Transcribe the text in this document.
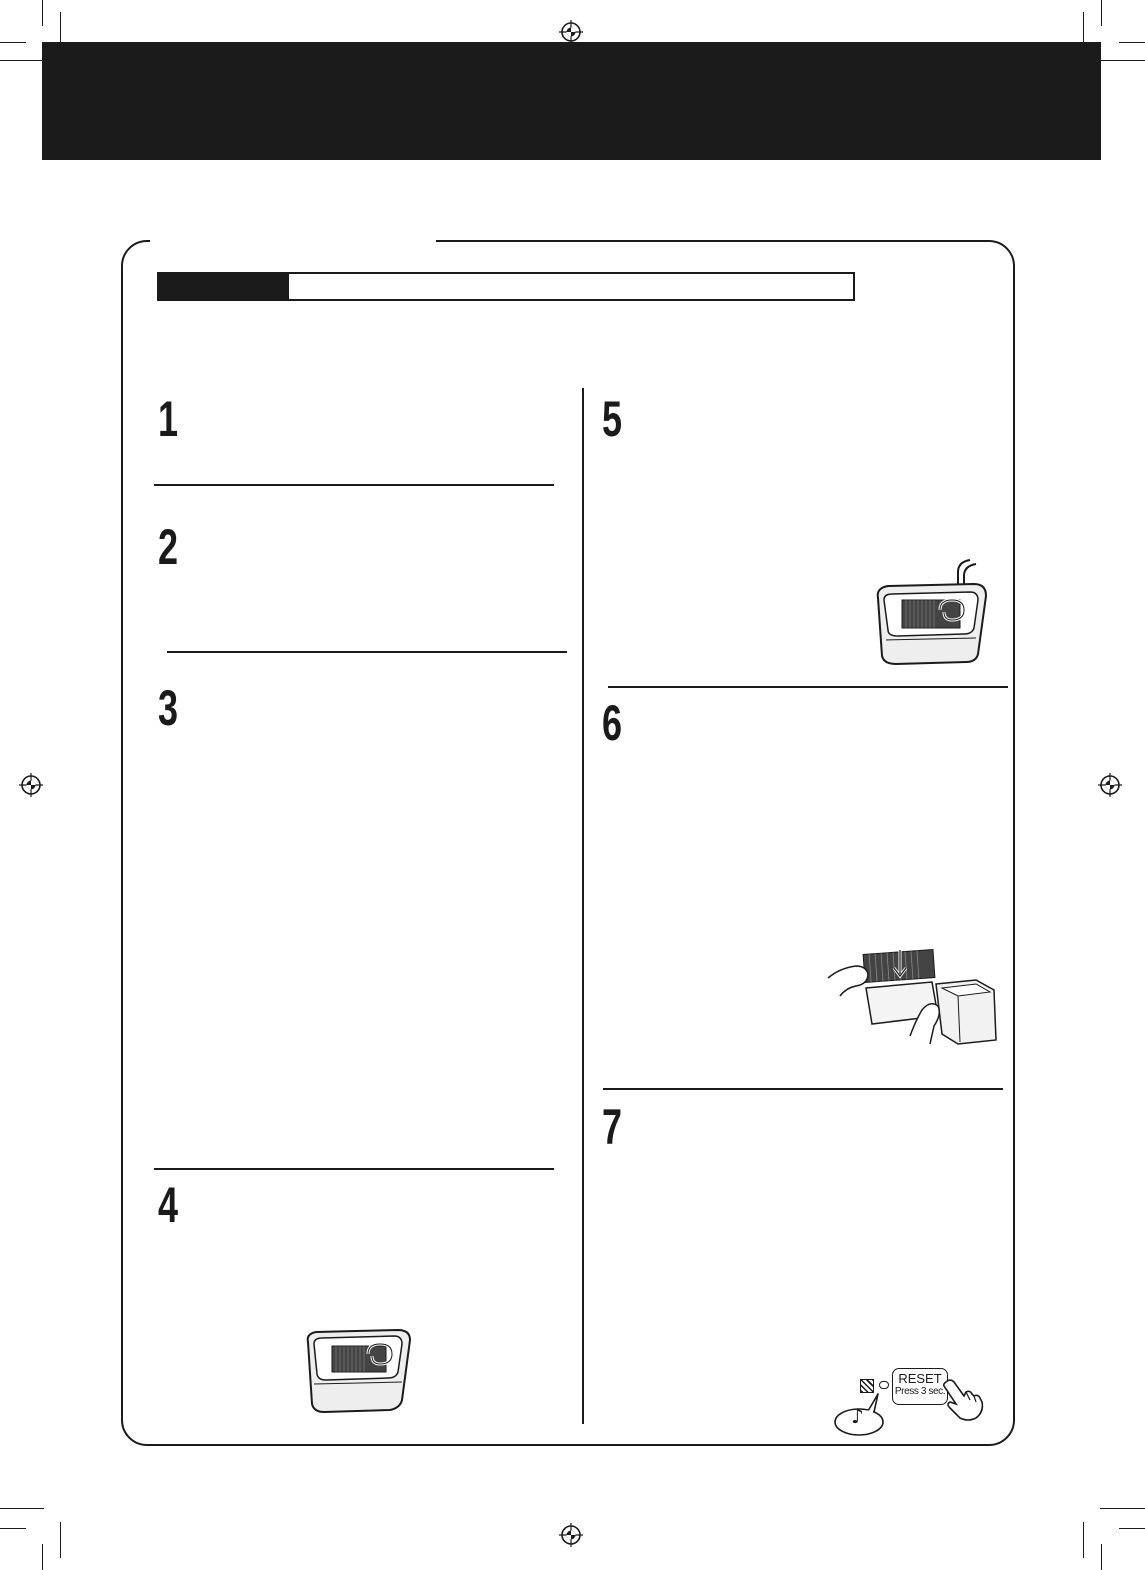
1
2
3
4
5
6
7
RESET
Press 3 sec.
♪
